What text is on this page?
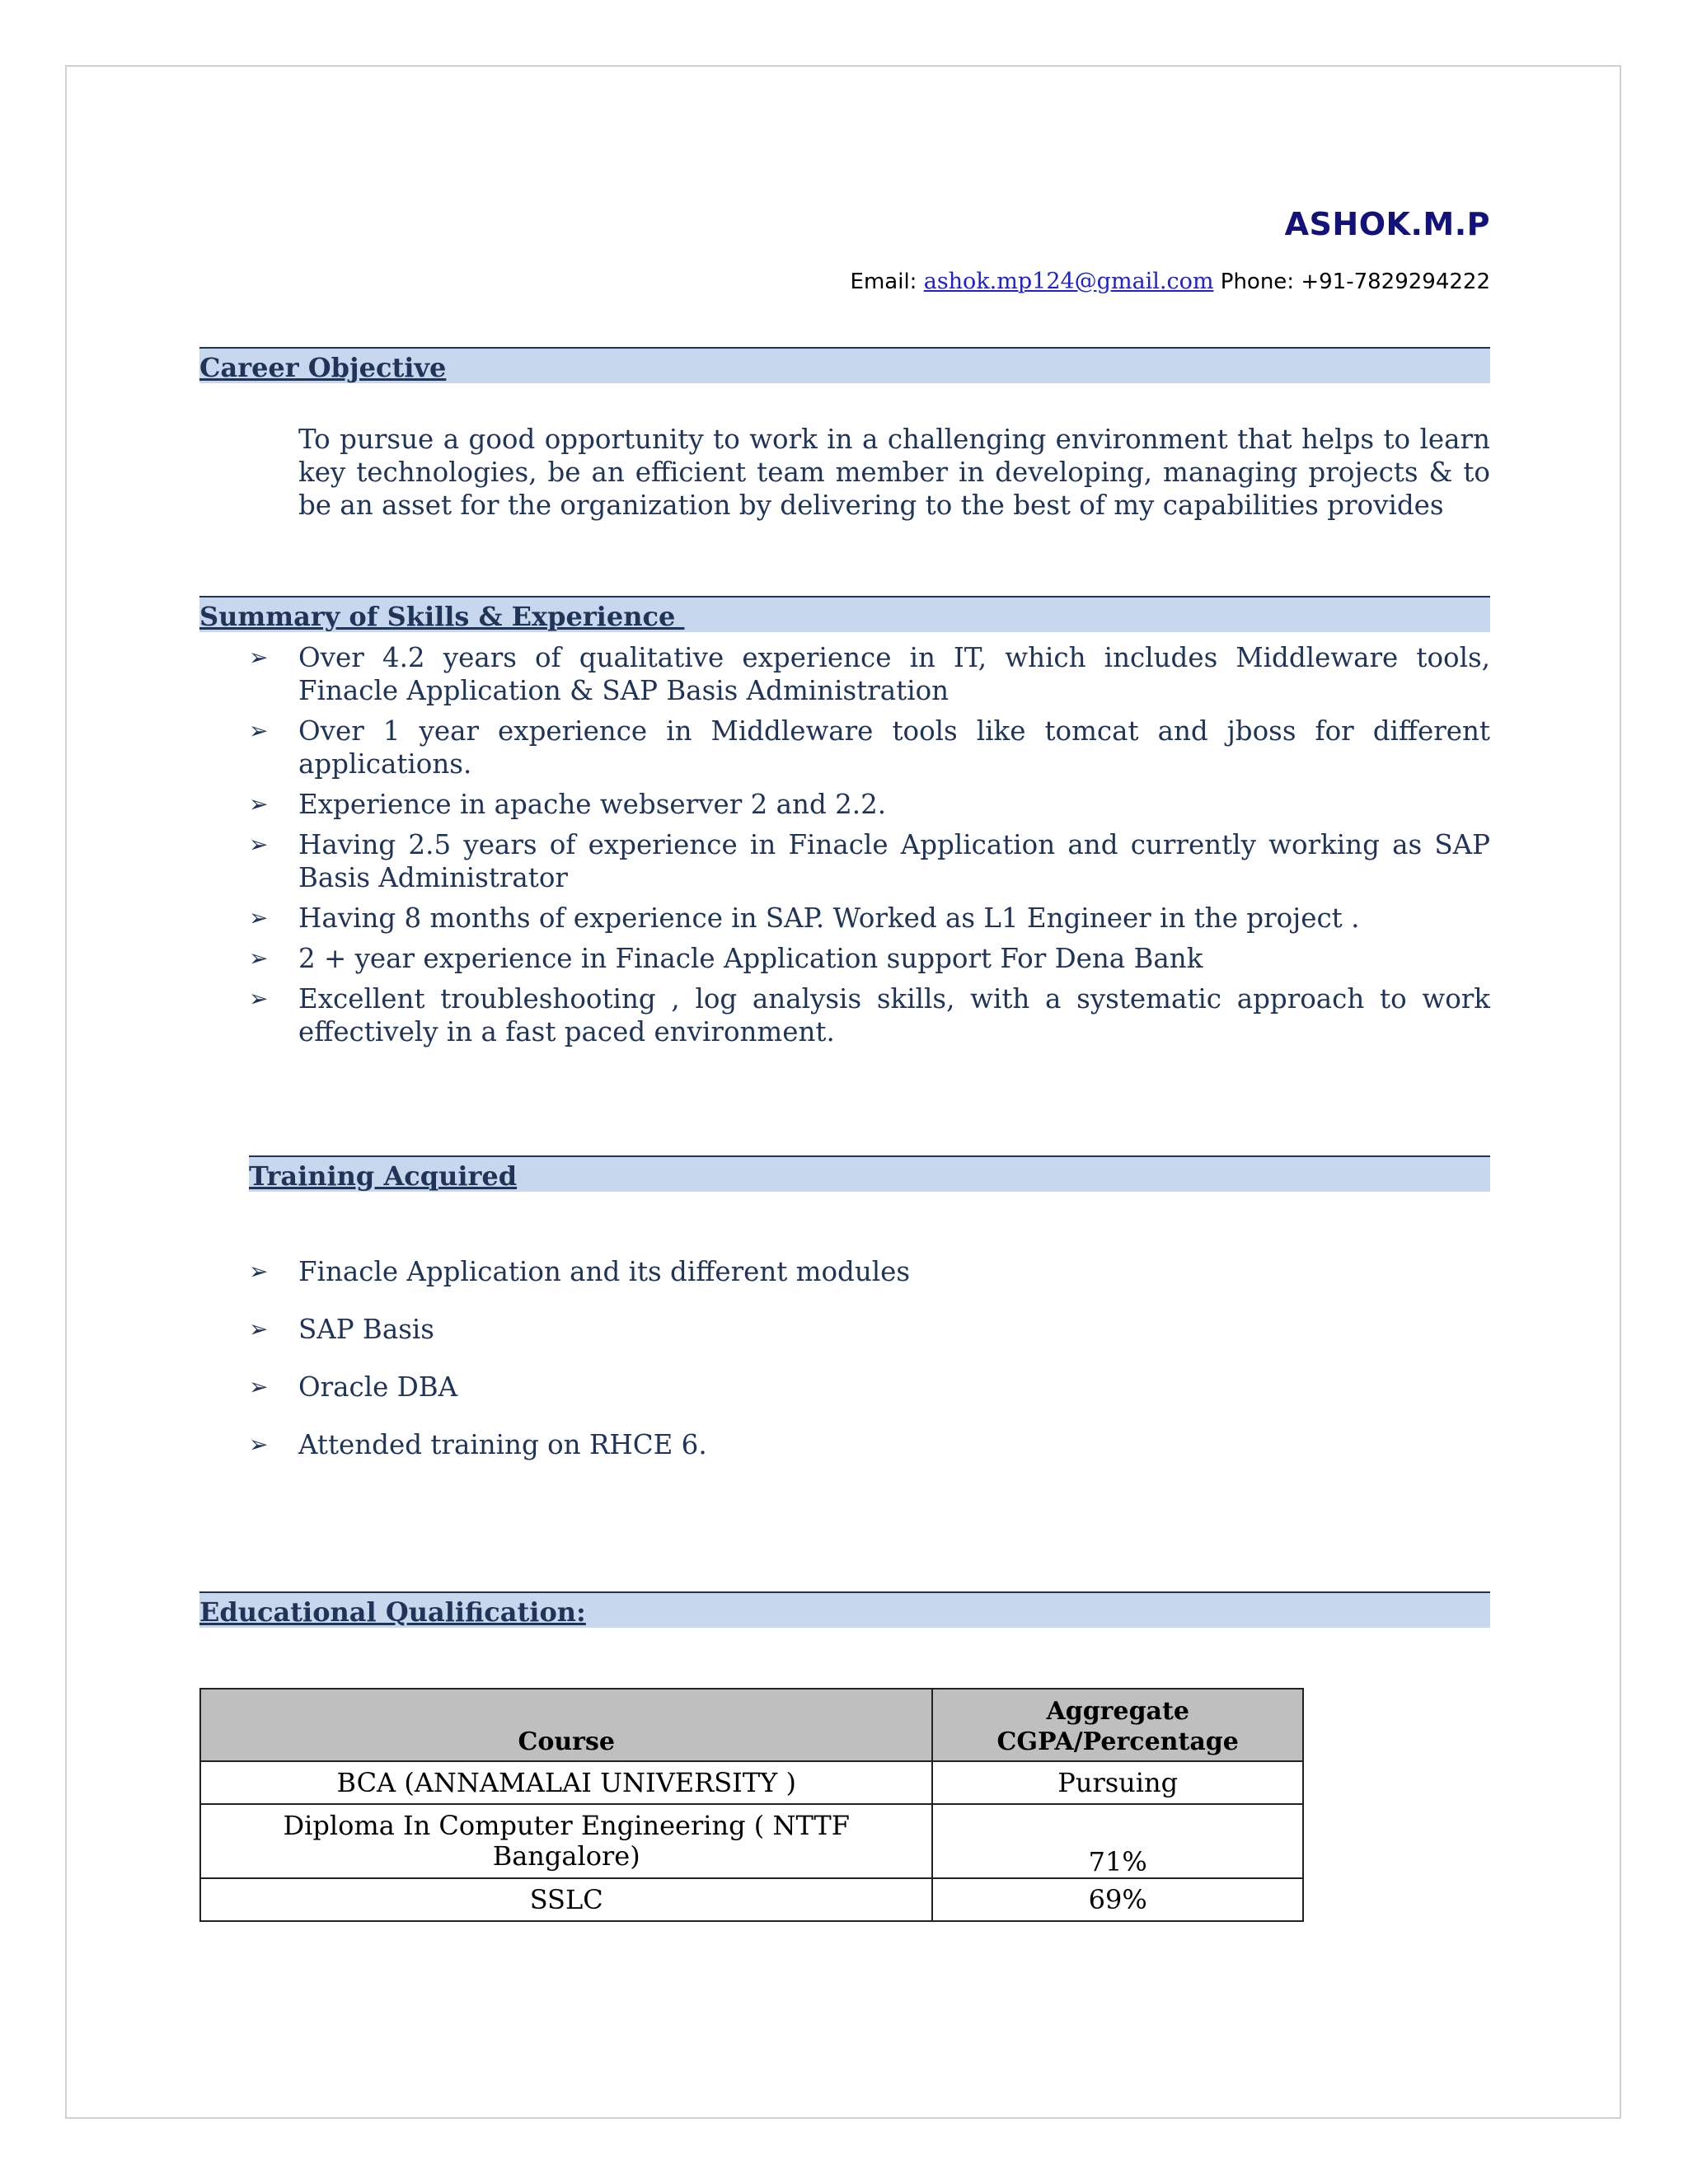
ASHOK.M.P
Email: ashok.mp124@gmail.com Phone: +91-7829294222
Career Objective
To pursue a good opportunity to work in a challenging environment that helps to learn key technologies, be an efficient team member in developing, managing projects & to be an asset for the organization by delivering to the best of my capabilities provides
Summary of Skills & Experience
➢ Over 4.2 years of qualitative experience in IT, which includes Middleware tools, Finacle Application & SAP Basis Administration
➢ Over 1 year experience in Middleware tools like tomcat and jboss for different applications.
➢ Experience in apache webserver 2 and 2.2.
➢ Having 2.5 years of experience in Finacle Application and currently working as SAP Basis Administrator
➢ Having 8 months of experience in SAP. Worked as L1 Engineer in the project .
➢ 2 + year experience in Finacle Application support For Dena Bank
➢ Excellent troubleshooting , log analysis skills, with a systematic approach to work effectively in a fast paced environment.
Training Acquired
➢ Finacle Application and its different modules
➢ SAP Basis
➢ Oracle DBA
➢ Attended training on RHCE 6.
Educational Qualification:
Course	Aggregate
CGPA/Percentage
BCA (ANNAMALAI UNIVERSITY )	Pursuing
Diploma In Computer Engineering ( NTTF Bangalore)	71%
SSLC	69%
